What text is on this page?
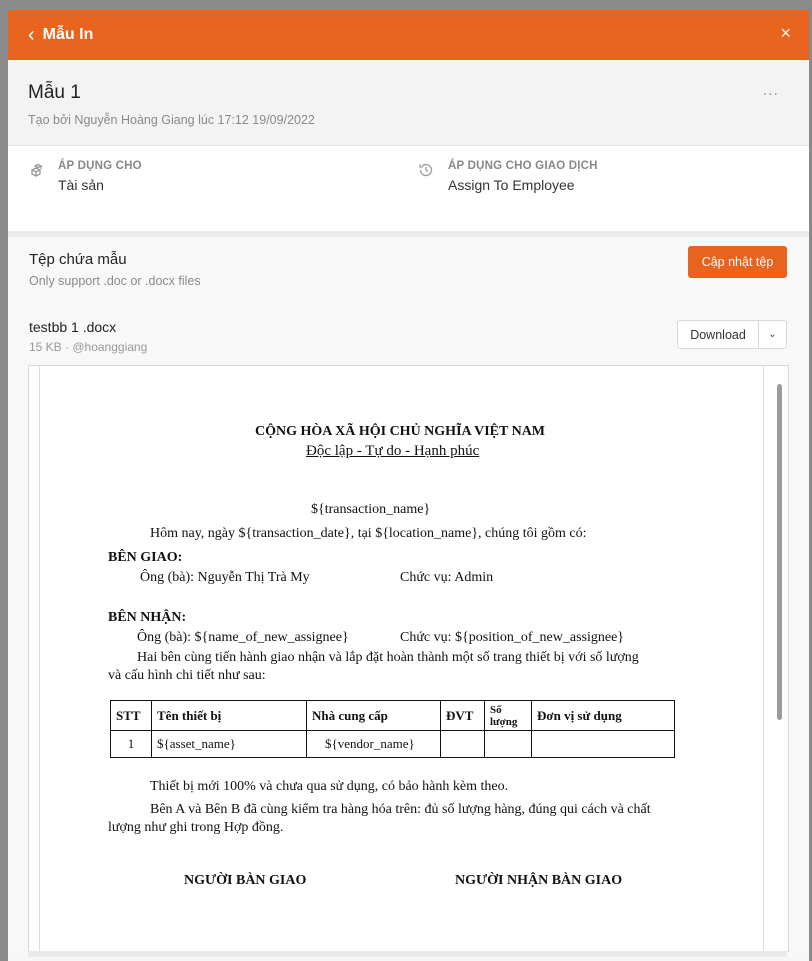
‹ Mẫu In	×
Mẫu 1
Tạo bởi Nguyễn Hoàng Giang lúc 17:12 19/09/2022
...
ÁP DỤNG CHO
Tài sản
ÁP DỤNG CHO GIAO DỊCH
Assign To Employee
Tệp chứa mẫu
Only support .doc or .docx files
Cập nhật tệp
testbb 1 .docx
15 KB · @hoanggiang
Download	⌄
CỘNG HÒA XÃ HỘI CHỦ NGHĨA VIỆT NAM
Độc lập - Tự do - Hạnh phúc
${transaction_name}
Hôm nay, ngày ${transaction_date}, tại ${location_name}, chúng tôi gồm có:
BÊN GIAO:
Ông (bà): Nguyễn Thị Trà My	Chức vụ: Admin
BÊN NHẬN:
Ông (bà): ${name_of_new_assignee}	Chức vụ: ${position_of_new_assignee}
Hai bên cùng tiến hành giao nhận và lắp đặt hoàn thành một số trang thiết bị với số lượng
và cấu hình chi tiết như sau:
STT	Tên thiết bị	Nhà cung cấp	ĐVT	Số lượng	Đơn vị sử dụng
1	${asset_name}	${vendor_name}			
Thiết bị mới 100% và chưa qua sử dụng, có bảo hành kèm theo.
Bên A và Bên B đã cùng kiểm tra hàng hóa trên: đủ số lượng hàng, đúng qui cách và chất
lượng như ghi trong Hợp đồng.
NGƯỜI BÀN GIAO	NGƯỜI NHẬN BÀN GIAO
